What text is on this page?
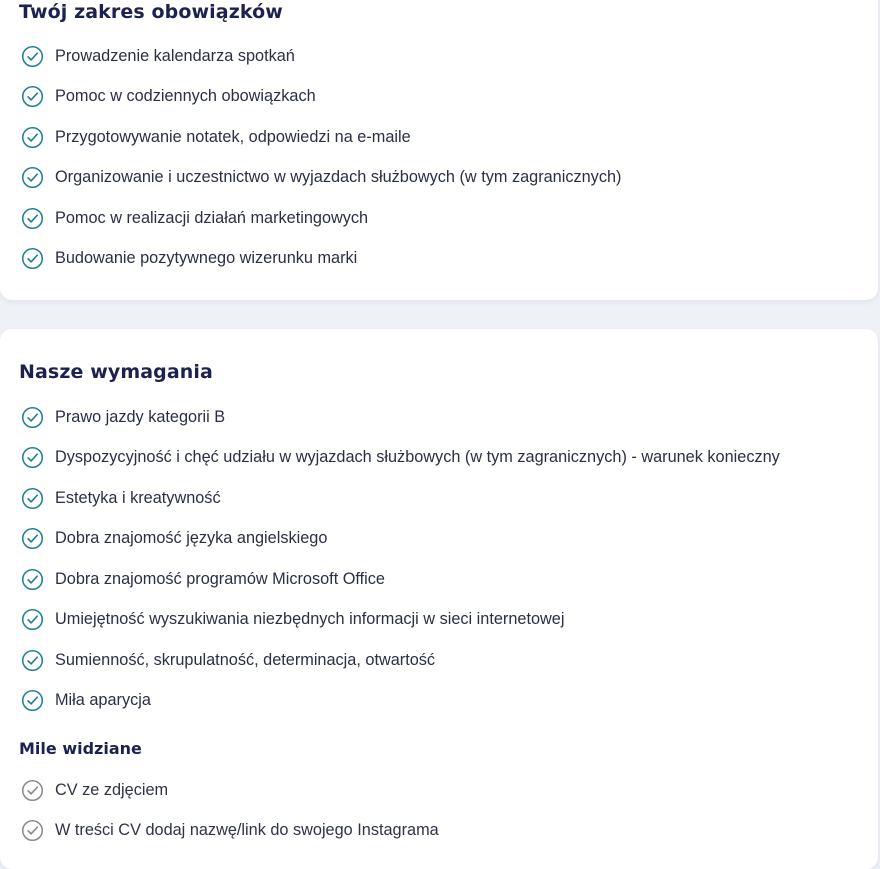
Twój zakres obowiązków
Prowadzenie kalendarza spotkań
Pomoc w codziennych obowiązkach
Przygotowywanie notatek, odpowiedzi na e-maile
Organizowanie i uczestnictwo w wyjazdach służbowych (w tym zagranicznych)
Pomoc w realizacji działań marketingowych
Budowanie pozytywnego wizerunku marki
Nasze wymagania
Prawo jazdy kategorii B
Dyspozycyjność i chęć udziału w wyjazdach służbowych (w tym zagranicznych) - warunek konieczny
Estetyka i kreatywność
Dobra znajomość języka angielskiego
Dobra znajomość programów Microsoft Office
Umiejętność wyszukiwania niezbędnych informacji w sieci internetowej
Sumienność, skrupulatność, determinacja, otwartość
Miła aparycja
Mile widziane
CV ze zdjęciem
W treści CV dodaj nazwę/link do swojego Instagrama
